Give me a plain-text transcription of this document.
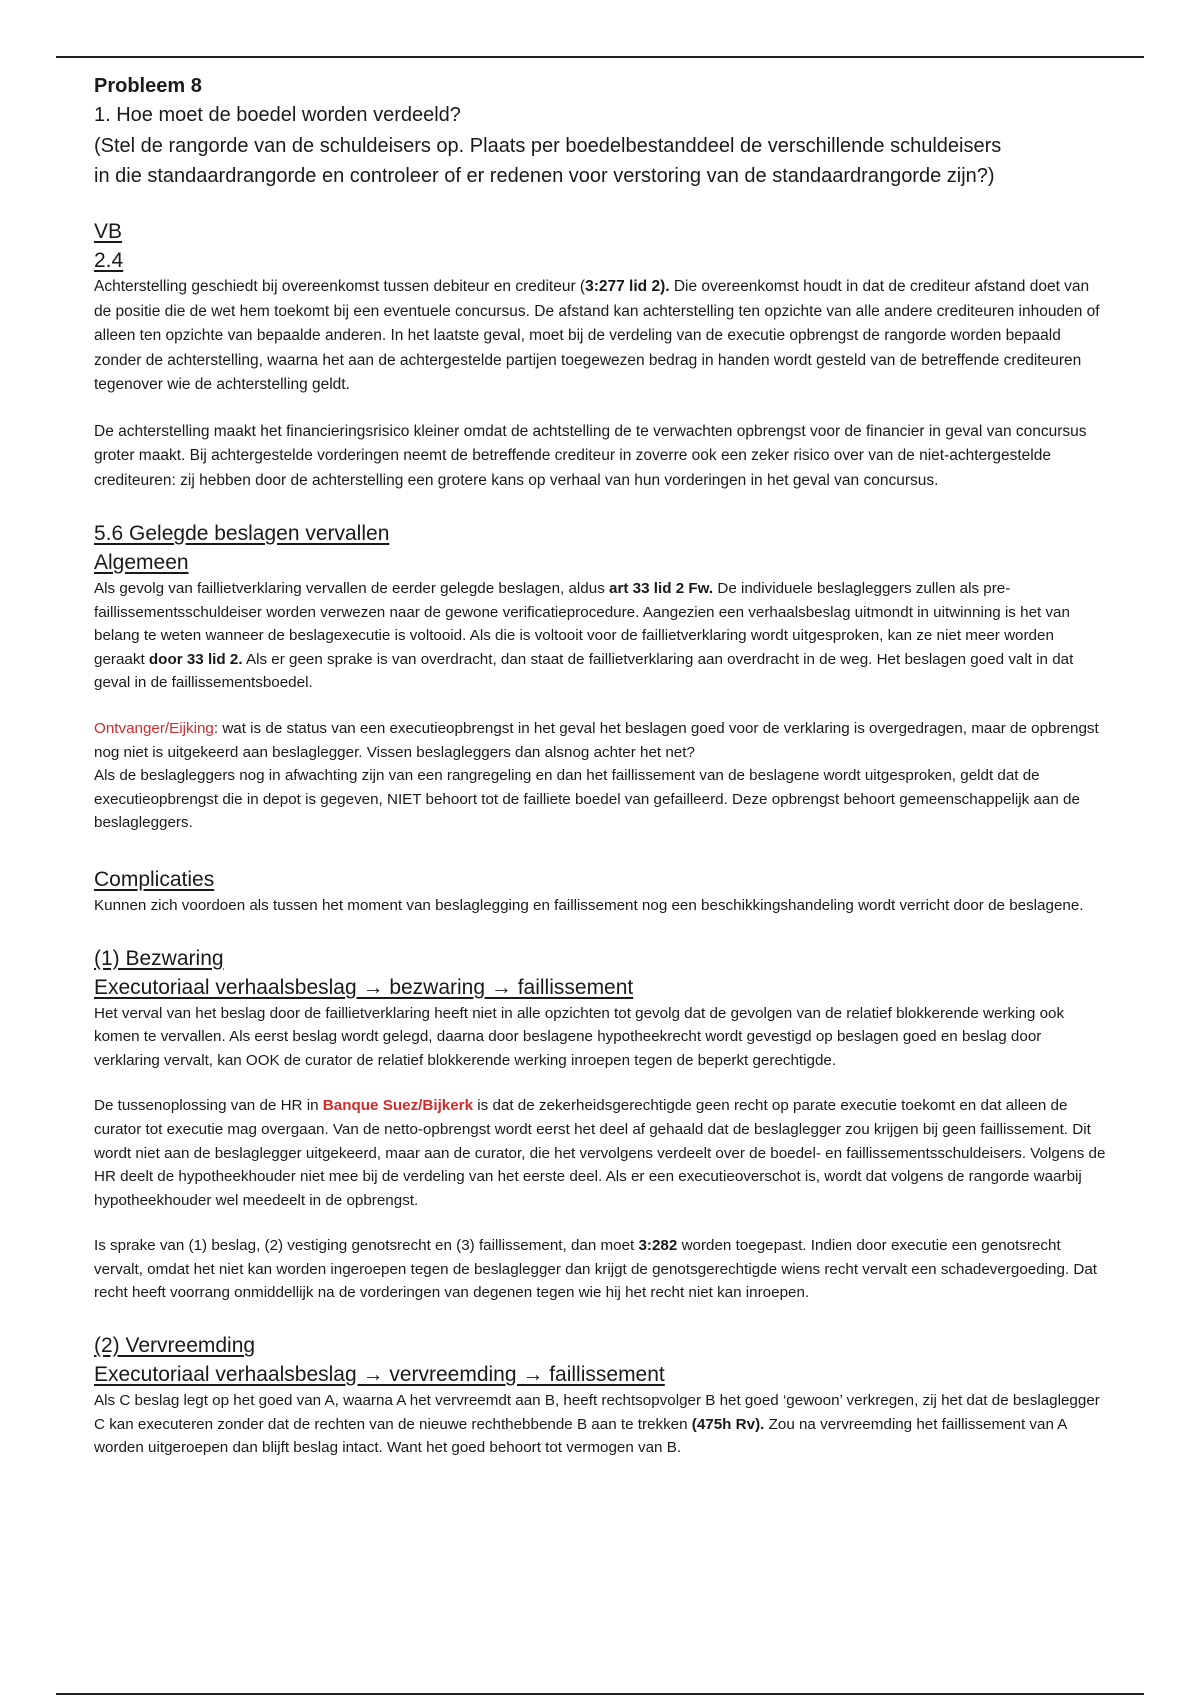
Probleem 8

1. Hoe moet de boedel worden verdeeld?

(Stel de rangorde van de schuldeisers op. Plaats per boedelbestanddeel de verschillende schuldeisers

in die standaardrangorde en controleer of er redenen voor verstoring van de standaardrangorde zijn?)

VB

2.4

Achterstelling geschiedt bij overeenkomst tussen debiteur en crediteur (3:277 lid 2). Die overeenkomst houdt in dat de crediteur afstand doet van de positie die de wet hem toekomt bij een eventuele concursus. De afstand kan achterstelling ten opzichte van alle andere crediteuren inhouden of alleen ten opzichte van bepaalde anderen. In het laatste geval, moet bij de verdeling van de executie opbrengst de rangorde worden bepaald zonder de achterstelling, waarna het aan de achtergestelde partijen toegewezen bedrag in handen wordt gesteld van de betreffende crediteuren tegenover wie de achterstelling geldt.

De achterstelling maakt het financieringsrisico kleiner omdat de achtstelling de te verwachten opbrengst voor de financier in geval van concursus groter maakt. Bij achtergestelde vorderingen neemt de betreffende crediteur in zoverre ook een zeker risico over van de niet-achtergestelde crediteuren: zij hebben door de achterstelling een grotere kans op verhaal van hun vorderingen in het geval van concursus.

5.6 Gelegde beslagen vervallen

Algemeen

Als gevolg van faillietverklaring vervallen de eerder gelegde beslagen, aldus art 33 lid 2 Fw. De individuele beslagleggers zullen als pre-faillissementsschuldeiser worden verwezen naar de gewone verificatieprocedure. Aangezien een verhaalsbeslag uitmondt in uitwinning is het van belang te weten wanneer de beslagexecutie is voltooid. Als die is voltooit voor de faillietverklaring wordt uitgesproken, kan ze niet meer worden geraakt door 33 lid 2. Als er geen sprake is van overdracht, dan staat de faillietverklaring aan overdracht in de weg. Het beslagen goed valt in dat geval in de faillissementsboedel.

Ontvanger/Eijking: wat is de status van een executieopbrengst in het geval het beslagen goed voor de verklaring is overgedragen, maar de opbrengst nog niet is uitgekeerd aan beslaglegger. Vissen beslagleggers dan alsnog achter het net?

Als de beslagleggers nog in afwachting zijn van een rangregeling en dan het faillissement van de beslagene wordt uitgesproken, geldt dat de executieopbrengst die in depot is gegeven, NIET behoort tot de failliete boedel van gefailleerd. Deze opbrengst behoort gemeenschappelijk aan de beslagleggers.

Complicaties

Kunnen zich voordoen als tussen het moment van beslaglegging en faillissement nog een beschikkingshandeling wordt verricht door de beslagene.

(1) Bezwaring

Executoriaal verhaalsbeslag → bezwaring → faillissement

Het verval van het beslag door de faillietverklaring heeft niet in alle opzichten tot gevolg dat de gevolgen van de relatief blokkerende werking ook komen te vervallen. Als eerst beslag wordt gelegd, daarna door beslagene hypotheekrecht wordt gevestigd op beslagen goed en beslag door verklaring vervalt, kan OOK de curator de relatief blokkerende werking inroepen tegen de beperkt gerechtigde.

De tussenoplossing van de HR in Banque Suez/Bijkerk is dat de zekerheidsgerechtigde geen recht op parate executie toekomt en dat alleen de curator tot executie mag overgaan. Van de netto-opbrengst wordt eerst het deel af gehaald dat de beslaglegger zou krijgen bij geen faillissement. Dit wordt niet aan de beslaglegger uitgekeerd, maar aan de curator, die het vervolgens verdeelt over de boedel- en faillissementsschuldeisers. Volgens de HR deelt de hypotheekhouder niet mee bij de verdeling van het eerste deel. Als er een executieoverschot is, wordt dat volgens de rangorde waarbij hypotheekhouder wel meedeelt in de opbrengst.

Is sprake van (1) beslag, (2) vestiging genotsrecht en (3) faillissement, dan moet 3:282 worden toegepast. Indien door executie een genotsrecht vervalt, omdat het niet kan worden ingeroepen tegen de beslaglegger dan krijgt de genotsgerechtigde wiens recht vervalt een schadevergoeding. Dat recht heeft voorrang onmiddellijk na de vorderingen van degenen tegen wie hij het recht niet kan inroepen.

(2) Vervreemding

Executoriaal verhaalsbeslag → vervreemding → faillissement

Als C beslag legt op het goed van A, waarna A het vervreemdt aan B, heeft rechtsopvolger B het goed ‘gewoon’ verkregen, zij het dat de beslaglegger C kan executeren zonder dat de rechten van de nieuwe rechthebbende B aan te trekken (475h Rv). Zou na vervreemding het faillissement van A worden uitgeroepen dan blijft beslag intact. Want het goed behoort tot vermogen van B.
